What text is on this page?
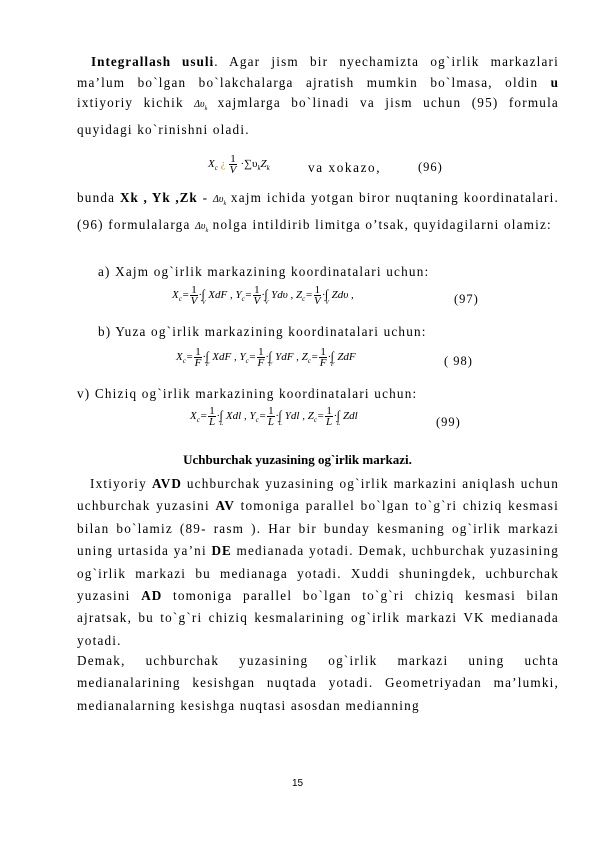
Integrallash usuli. Agar jism bir nyechamizta og`irlik markazlari ma’lum bo`lgan bo`lakchalarga ajratish mumkin bo`lmasa, oldin u ixtiyoriy kichik $\Delta\upsilon_k$ xajmlarga bo`linadi va jism uchun (95) formula quyidagi ko`rinishni oladi.
$X_c$ ¿ $\frac{1}{V} \cdot\sum\upsilon_kZ_k$	va xokazo,	(96)
bunda Xk , Yk ,Zk - $\Delta\upsilon_k$ xajm ichida yotgan biror nuqtaning koordinatalari. (96) formulalarga $\Delta\upsilon_k$ nolga intildirib limitga o’tsak, quyidagilarni olamiz:
a) Xajm og`irlik markazining koordinatalari uchun:
$X_c= \frac{1}{V} \cdot\int_V$ XdF , $Y_c= \frac{1}{V} \cdot\int_V$ Ydυ , $Z_c= \frac{1}{V} \cdot\int_V$ Zdυ ,	(97)
b) Yuza og`irlik markazining koordinatalari uchun:
$X_c= \frac{1}{F} \cdot\int_F$ XdF , $Y_c= \frac{1}{F} \cdot\int_F$ YdF , $Z_c= \frac{1}{F} \cdot\int_F$ ZdF	( 98)
v) Chiziq og`irlik markazining koordinatalari uchun:
$X_c= \frac{1}{L} \cdot\int_L$ Xdl , $Y_c= \frac{1}{L} \cdot\int_L$ Ydl , $Z_c= \frac{1}{L} \cdot\int_L$ Zdl	(99)
Uchburchak yuzasining og`irlik markazi.
Ixtiyoriy AVD uchburchak yuzasining og`irlik markazini aniqlash uchun uchburchak yuzasini AV tomoniga parallel bo`lgan to`g`ri chiziq kesmasi bilan bo`lamiz (89- rasm ). Har bir bunday kesmaning og`irlik markazi uning urtasida ya’ni DE medianada yotadi. Demak, uchburchak yuzasining og`irlik markazi bu medianaga yotadi. Xuddi shuningdek, uchburchak yuzasini AD tomoniga parallel bo`lgan to`g`ri chiziq kesmasi bilan ajratsak, bu to`g`ri chiziq kesmalarining og`irlik markazi VK medianada yotadi.
Demak, uchburchak yuzasining og`irlik markazi uning uchta medianalarining kesishgan nuqtada yotadi. Geometriyadan ma’lumki, medianalarning kesishga nuqtasi asosdan medianning
15
